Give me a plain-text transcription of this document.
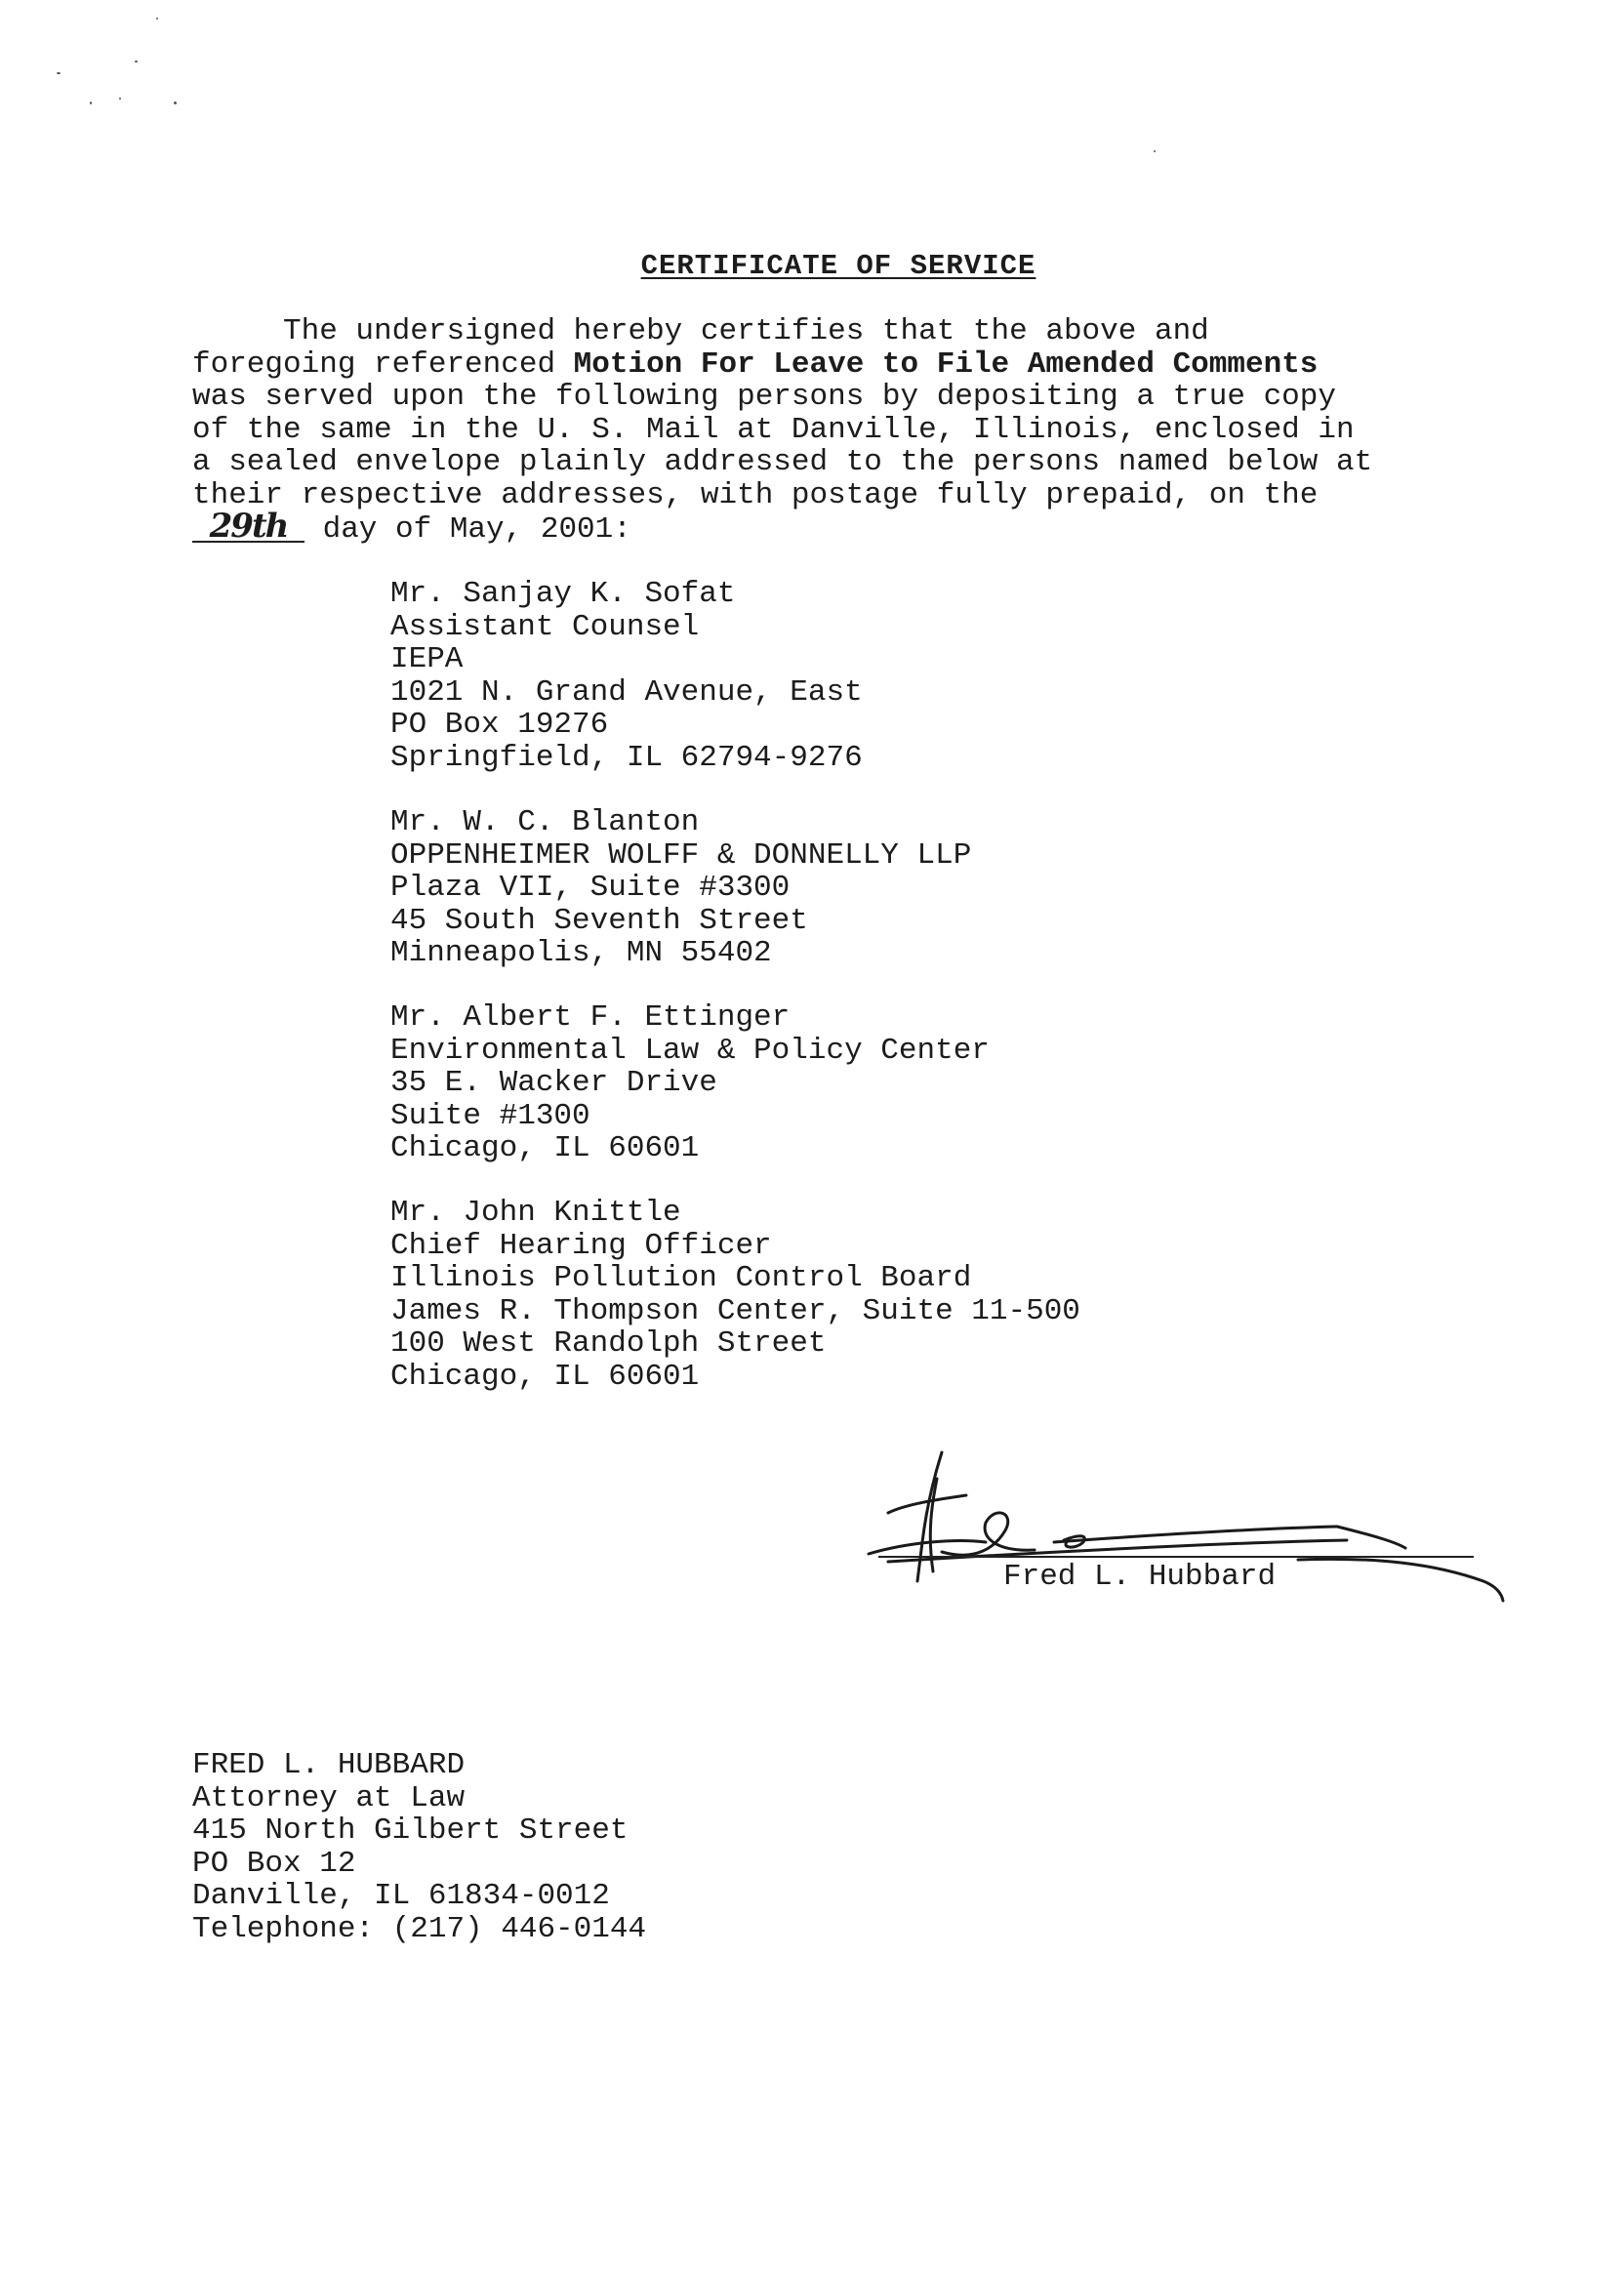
CERTIFICATE OF SERVICE
The undersigned hereby certifies that the above and
foregoing referenced Motion For Leave to File Amended Comments
was served upon the following persons by depositing a true copy
of the same in the U. S. Mail at Danville, Illinois, enclosed in
a sealed envelope plainly addressed to the persons named below at
their respective addresses, with postage fully prepaid, on the
29th day of May, 2001:
Mr. Sanjay K. Sofat
Assistant Counsel
IEPA
1021 N. Grand Avenue, East
PO Box 19276
Springfield, IL 62794-9276
Mr. W. C. Blanton
OPPENHEIMER WOLFF & DONNELLY LLP
Plaza VII, Suite #3300
45 South Seventh Street
Minneapolis, MN 55402
Mr. Albert F. Ettinger
Environmental Law & Policy Center
35 E. Wacker Drive
Suite #1300
Chicago, IL 60601
Mr. John Knittle
Chief Hearing Officer
Illinois Pollution Control Board
James R. Thompson Center, Suite 11-500
100 West Randolph Street
Chicago, IL 60601
Fred L. Hubbard
FRED L. HUBBARD
Attorney at Law
415 North Gilbert Street
PO Box 12
Danville, IL 61834-0012
Telephone: (217) 446-0144
